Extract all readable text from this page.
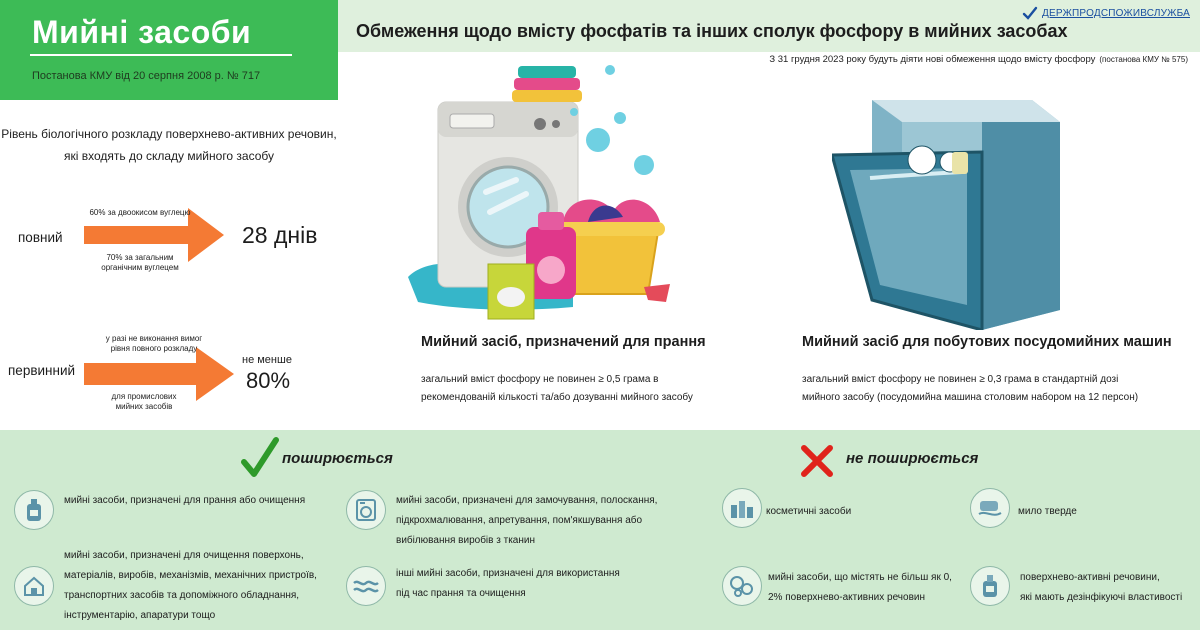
Мийні засоби
Постанова КМУ від 20 серпня 2008 р. № 717
Обмеження щодо вмісту фосфатів та інших сполук фосфору в мийних засобах
ДЕРЖПРОДСПОЖИВСЛУЖБА
З 31 грудня 2023 року будуть діяти нові обмеження щодо вмісту фосфору (постанова КМУ № 575)
Рівень біологічного розкладу поверхнево-активних речовин,
які входять до складу мийного засобу
повний
60% за двоокисом вуглецю
70% за загальним
органічним вуглецем
28 днів
первинний
у разі не виконання вимог
рівня повного розкладу
для промислових
мийних засобів
не менше
80%
Мийний засіб, призначений для прання
загальний вміст фосфору не повинен ≥ 0,5 грама в
рекомендованій кількості та/або дозуванні мийного засобу
Мийний засіб для побутових посудомийних машин
загальний вміст фосфору не повинен ≥ 0,3 грама в стандартній дозі
мийного засобу (посудомийна машина столовим набором на 12 персон)
поширюється	не поширюється
мийні засоби, призначені для прання або очищення	мийні засоби, призначені для замочування, полоскання,
підкрохмалювання, апретування, пом'якшування або
вибілювання виробів з тканин
мийні засоби, призначені для очищення поверхонь,
матеріалів, виробів, механізмів, механічних пристроїв,
транспортних засобів та допоміжного обладнання,
інструментарію, апаратури тощо
інші мийні засоби, призначені для використання
під час прання та очищення
косметичні засоби	мило тверде
мийні засоби, що містять не більш як 0,
2% поверхнево-активних речовин
поверхнево-активні речовини,
які мають дезінфікуючі властивості
